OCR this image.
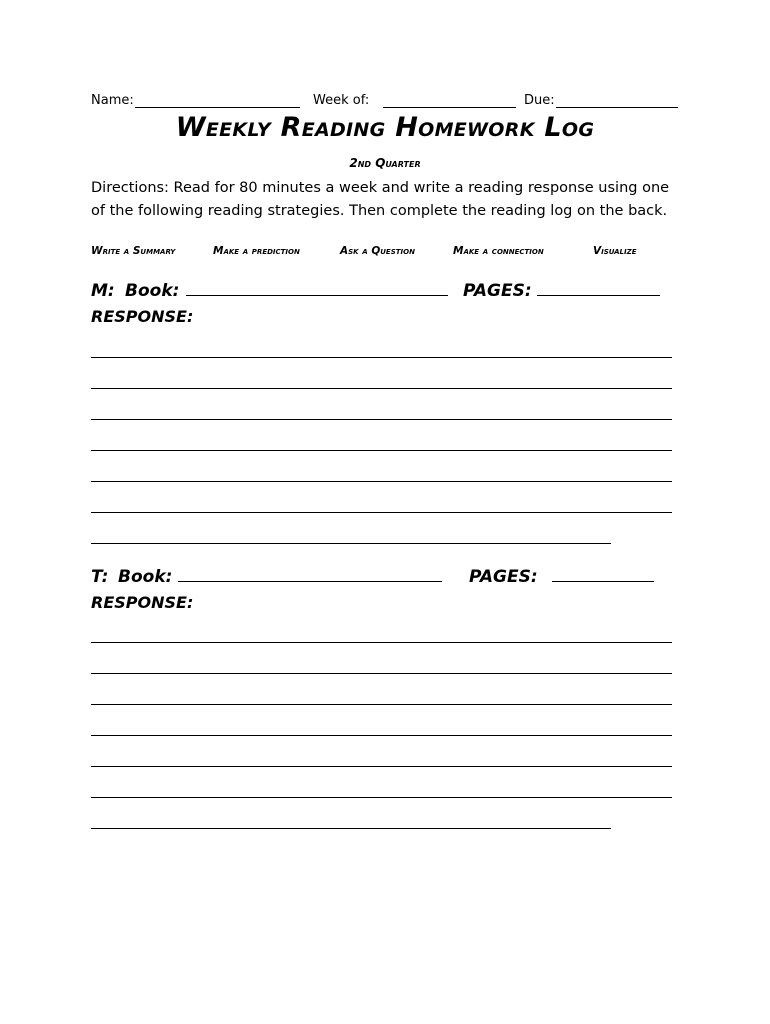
Name:	Week of:	Due:
Weekly Reading Homework Log
2nd Quarter
Directions: Read for 80 minutes a week and write a reading response using one of the following reading strategies. Then complete the reading log on the back.
Write a Summary	Make a prediction	Ask a Question	Make a connection	Visualize
M: Book:	PAGES:
RESPONSE:
T: Book:	PAGES:
RESPONSE:
